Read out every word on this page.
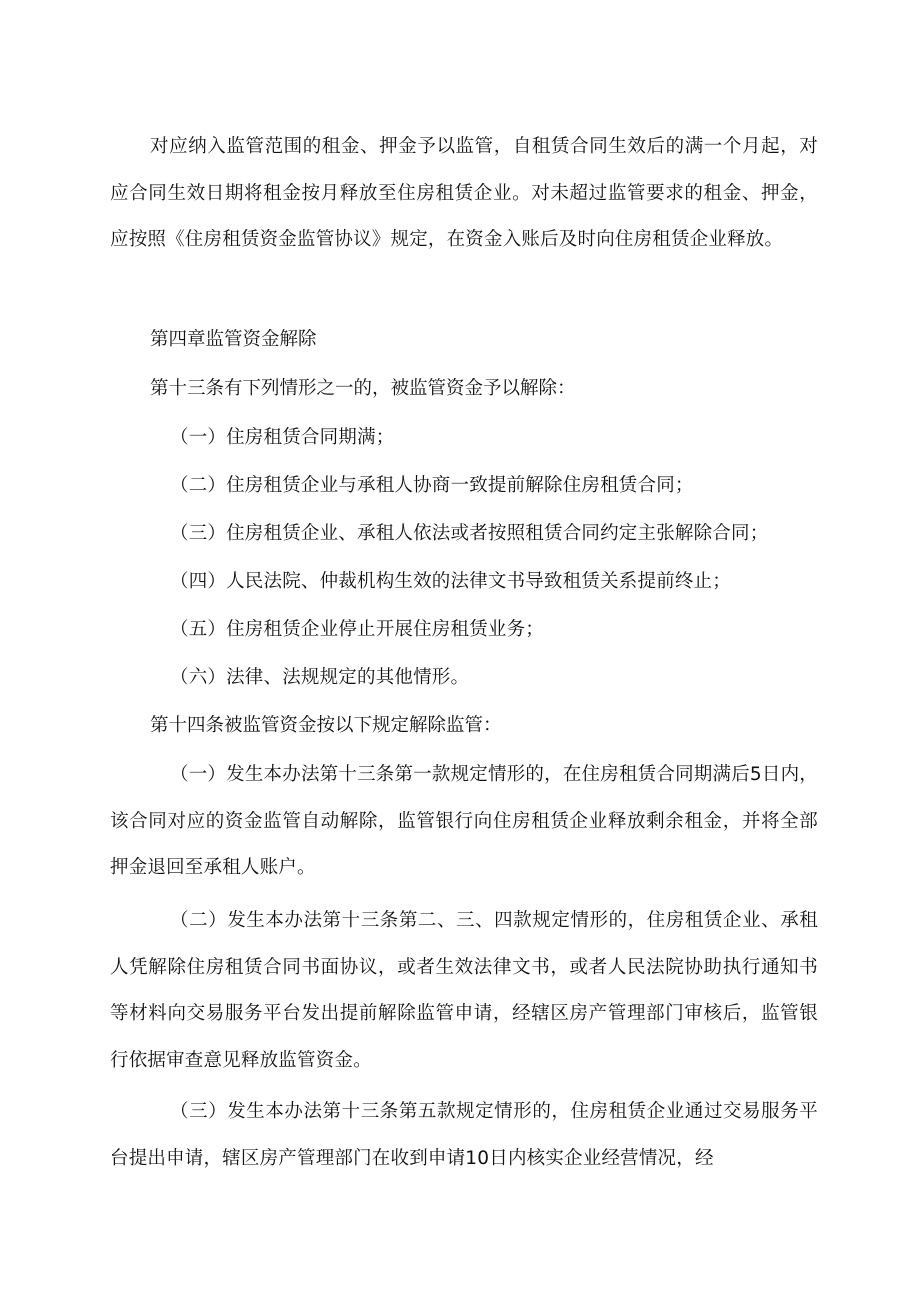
对应纳入监管范围的租金、押金予以监管，自租赁合同生效后的满一个月起，对应合同生效日期将租金按月释放至住房租赁企业。对未超过监管要求的租金、押金，应按照《住房租赁资金监管协议》规定，在资金入账后及时向住房租赁企业释放。
第四章监管资金解除
第十三条有下列情形之一的，被监管资金予以解除：
（一）住房租赁合同期满；
（二）住房租赁企业与承租人协商一致提前解除住房租赁合同；
（三）住房租赁企业、承租人依法或者按照租赁合同约定主张解除合同；
（四）人民法院、仲裁机构生效的法律文书导致租赁关系提前终止；
（五）住房租赁企业停止开展住房租赁业务；
（六）法律、法规规定的其他情形。
第十四条被监管资金按以下规定解除监管：
（一）发生本办法第十三条第一款规定情形的，在住房租赁合同期满后5日内，该合同对应的资金监管自动解除，监管银行向住房租赁企业释放剩余租金，并将全部押金退回至承租人账户。
（二）发生本办法第十三条第二、三、四款规定情形的，住房租赁企业、承租人凭解除住房租赁合同书面协议，或者生效法律文书，或者人民法院协助执行通知书等材料向交易服务平台发出提前解除监管申请，经辖区房产管理部门审核后，监管银行依据审查意见释放监管资金。
（三）发生本办法第十三条第五款规定情形的，住房租赁企业通过交易服务平台提出申请，辖区房产管理部门在收到申请10日内核实企业经营情况，经
